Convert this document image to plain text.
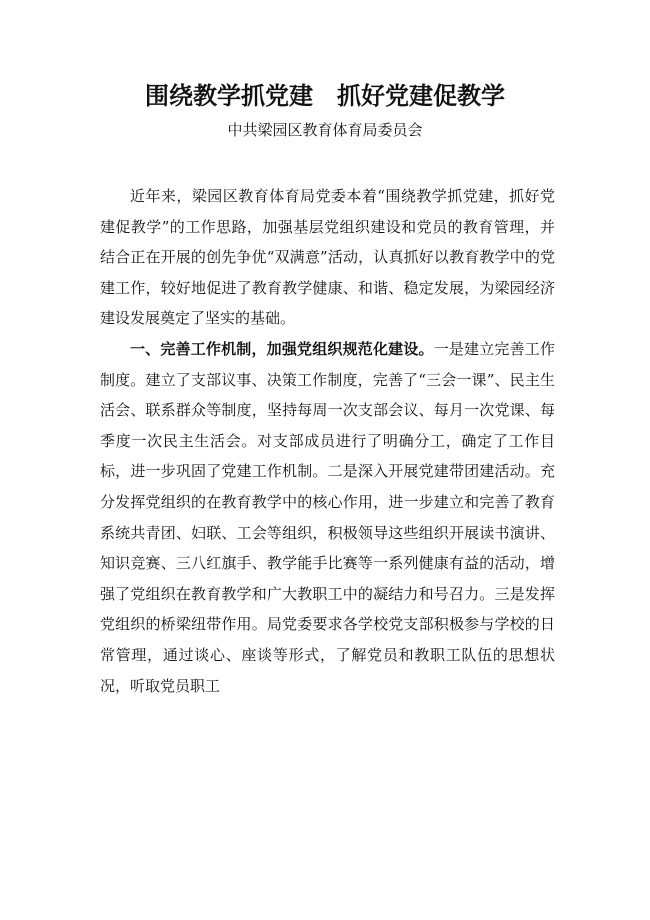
围绕教学抓党建　抓好党建促教学
中共梁园区教育体育局委员会

近年来，梁园区教育体育局党委本着“围绕教学抓党建，抓好党建促教学”的工作思路，加强基层党组织建设和党员的教育管理，并结合正在开展的创先争优“双满意”活动，认真抓好以教育教学中的党建工作，较好地促进了教育教学健康、和谐、稳定发展，为梁园经济建设发展奠定了坚实的基础。

一、完善工作机制，加强党组织规范化建设。一是建立完善工作制度。建立了支部议事、决策工作制度，完善了“三会一课”、民主生活会、联系群众等制度，坚持每周一次支部会议、每月一次党课、每季度一次民主生活会。对支部成员进行了明确分工，确定了工作目标，进一步巩固了党建工作机制。二是深入开展党建带团建活动。充分发挥党组织的在教育教学中的核心作用，进一步建立和完善了教育系统共青团、妇联、工会等组织，积极领导这些组织开展读书演讲、知识竞赛、三八红旗手、教学能手比赛等一系列健康有益的活动，增强了党组织在教育教学和广大教职工中的凝结力和号召力。三是发挥党组织的桥梁纽带作用。局党委要求各学校党支部积极参与学校的日常管理，通过谈心、座谈等形式，了解党员和教职工队伍的思想状况，听取党员职工
